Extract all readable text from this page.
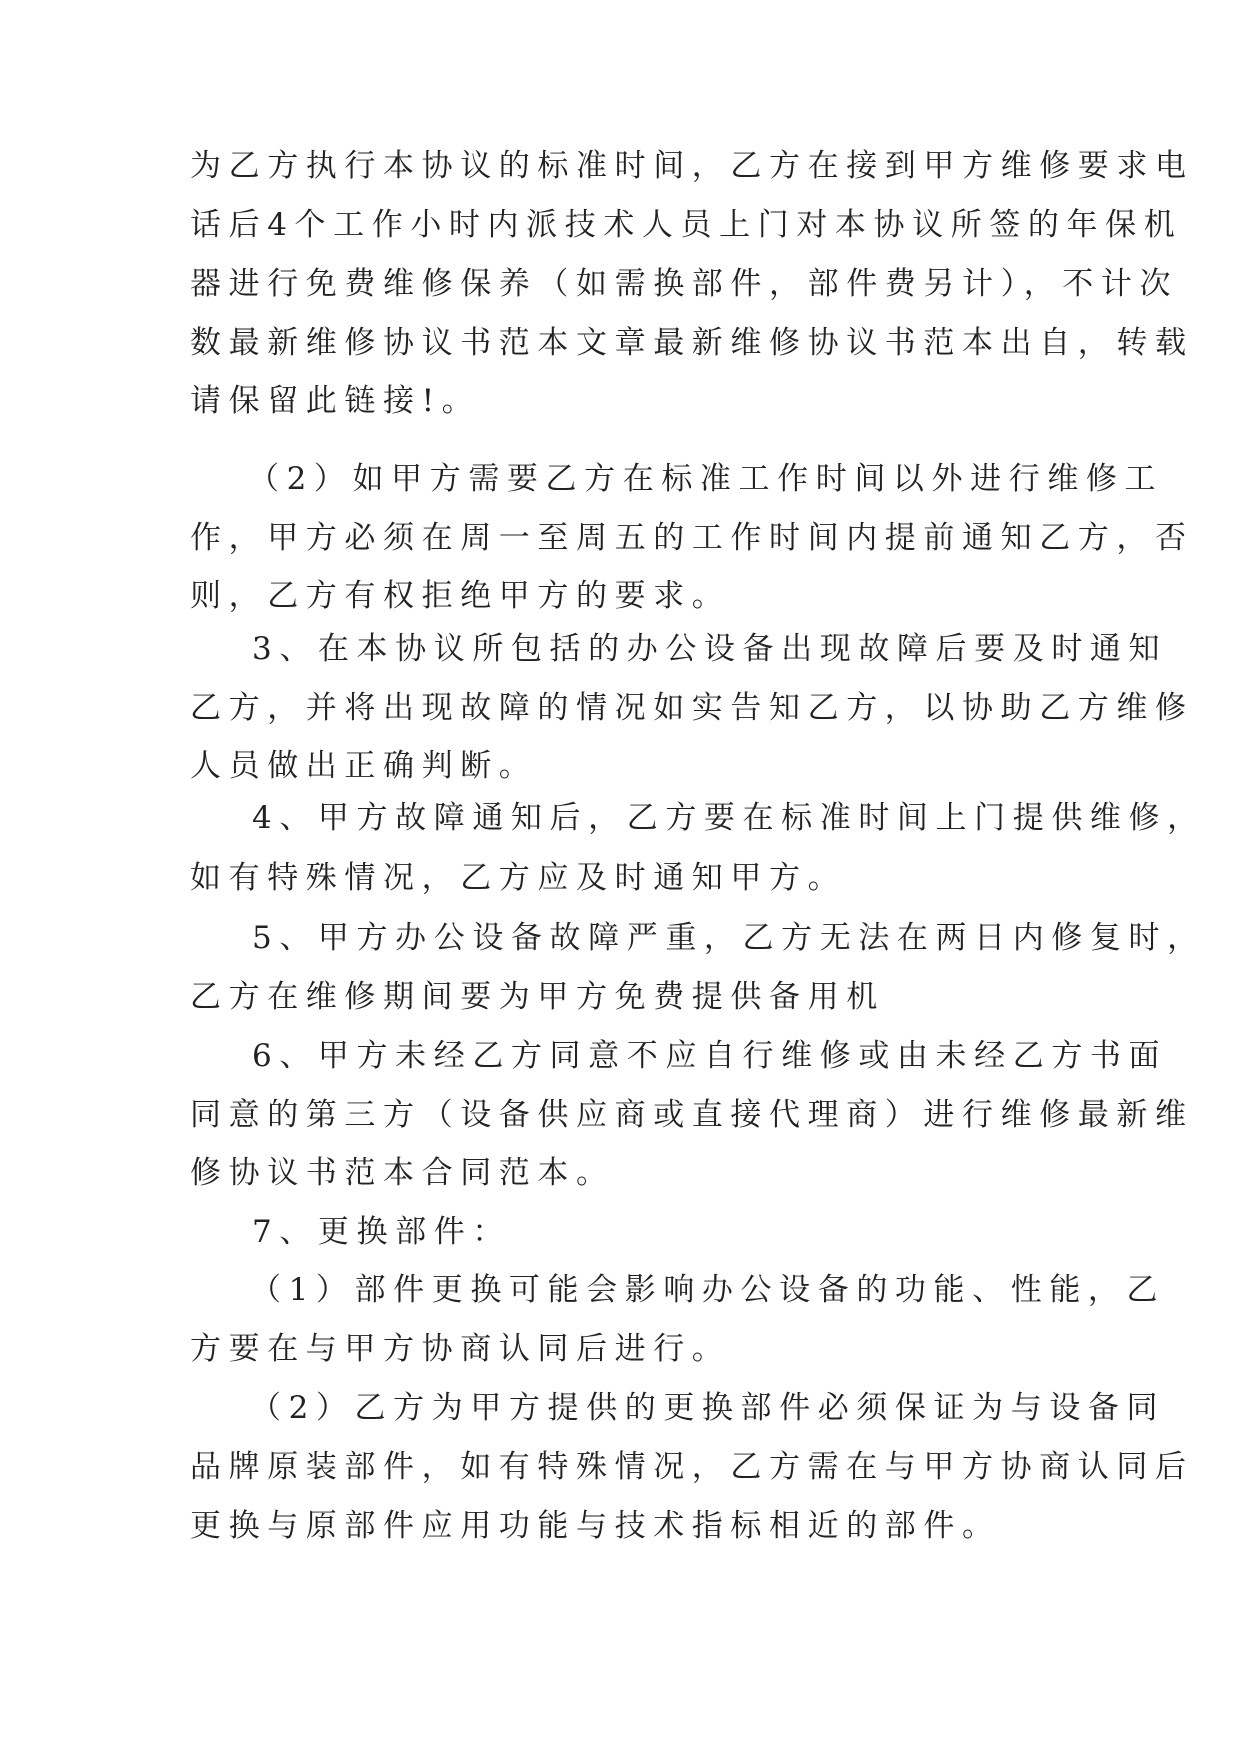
为乙方执行本协议的标准时间，乙方在接到甲方维修要求电

话后4个工作小时内派技术人员上门对本协议所签的年保机

器进行免费维修保养（如需换部件，部件费另计），不计次

数最新维修协议书范本文章最新维修协议书范本出自，转载

请保留此链接!。

（2）如甲方需要乙方在标准工作时间以外进行维修工

作，甲方必须在周一至周五的工作时间内提前通知乙方，否

则，乙方有权拒绝甲方的要求。

3、在本协议所包括的办公设备出现故障后要及时通知

乙方，并将出现故障的情况如实告知乙方，以协助乙方维修

人员做出正确判断。

4、甲方故障通知后，乙方要在标准时间上门提供维修，

如有特殊情况，乙方应及时通知甲方。

5、甲方办公设备故障严重，乙方无法在两日内修复时，

乙方在维修期间要为甲方免费提供备用机

6、甲方未经乙方同意不应自行维修或由未经乙方书面

同意的第三方（设备供应商或直接代理商）进行维修最新维

修协议书范本合同范本。

7、更换部件：

（1）部件更换可能会影响办公设备的功能、性能，乙

方要在与甲方协商认同后进行。

（2）乙方为甲方提供的更换部件必须保证为与设备同

品牌原装部件，如有特殊情况，乙方需在与甲方协商认同后

更换与原部件应用功能与技术指标相近的部件。
